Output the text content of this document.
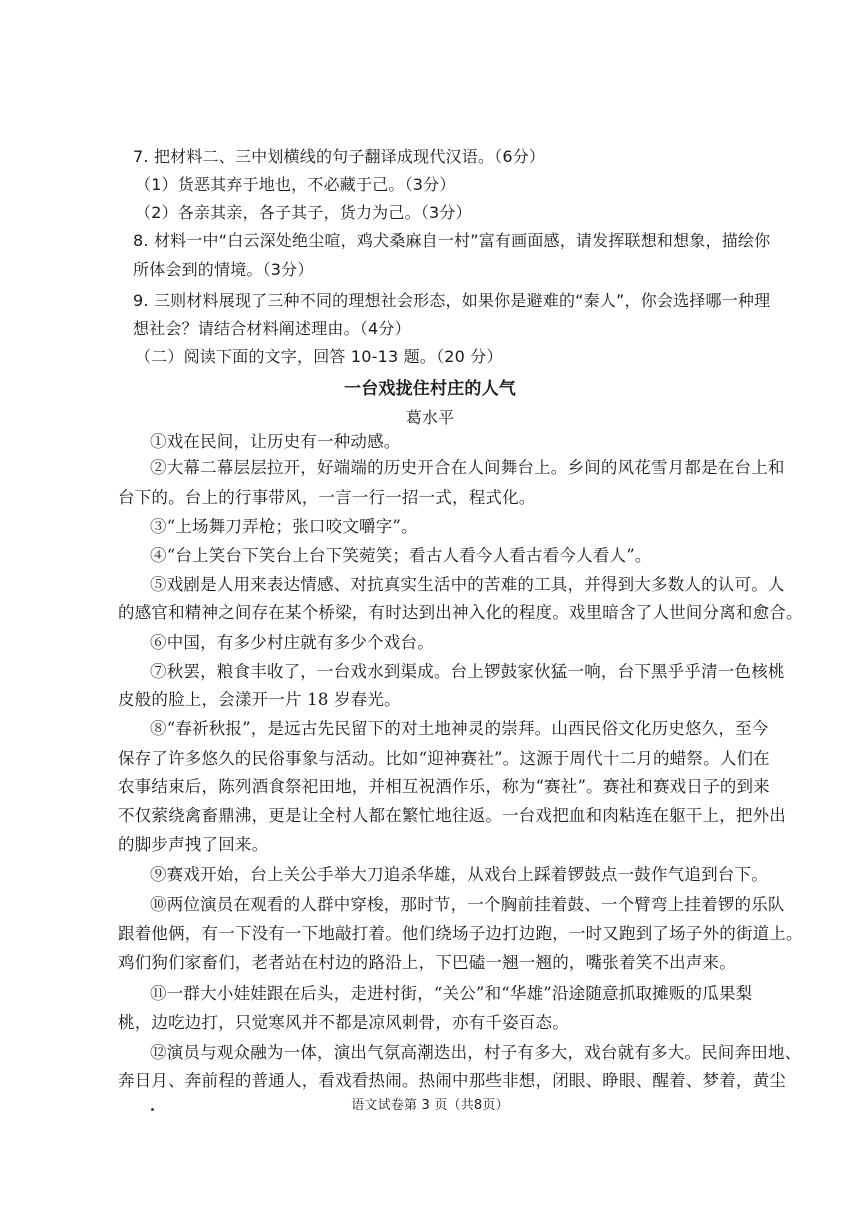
7. 把材料二、三中划横线的句子翻译成现代汉语。（6分）
（1）货恶其弃于地也，不必藏于己。（3分）
（2）各亲其亲，各子其子，货力为己。（3分）
8. 材料一中“白云深处绝尘喧，鸡犬桑麻自一村”富有画面感，请发挥联想和想象，描绘你
所体会到的情境。（3分）
9. 三则材料展现了三种不同的理想社会形态，如果你是避难的“秦人”，你会选择哪一种理
想社会？请结合材料阐述理由。（4分）
（二）阅读下面的文字，回答 10-13 题。（20 分）
一台戏拢住村庄的人气
葛水平
①戏在民间，让历史有一种动感。
②大幕二幕层层拉开，好端端的历史开合在人间舞台上。乡间的风花雪月都是在台上和
台下的。台上的行事带风，一言一行一招一式，程式化。
③“上场舞刀弄枪；张口咬文嚼字”。
④“台上笑台下笑台上台下笑菀笑；看古人看今人看古看今人看人”。
⑤戏剧是人用来表达情感、对抗真实生活中的苦难的工具，并得到大多数人的认可。人
的感官和精神之间存在某个桥梁，有时达到出神入化的程度。戏里暗含了人世间分离和愈合。
⑥中国，有多少村庄就有多少个戏台。
⑦秋罢，粮食丰收了，一台戏水到渠成。台上锣鼓家伙猛一响，台下黑乎乎清一色核桃
皮般的脸上，会漾开一片 18 岁春光。
⑧“春祈秋报”，是远古先民留下的对土地神灵的崇拜。山西民俗文化历史悠久，至今
保存了许多悠久的民俗事象与活动。比如“迎神赛社”。这源于周代十二月的蜡祭。人们在
农事结束后，陈列酒食祭祀田地，并相互祝酒作乐，称为“赛社”。赛社和赛戏日子的到来
不仅萦绕禽畜鼎沸，更是让全村人都在繁忙地往返。一台戏把血和肉粘连在躯干上，把外出
的脚步声拽了回来。
⑨赛戏开始，台上关公手举大刀追杀华雄，从戏台上踩着锣鼓点一鼓作气追到台下。
⑩两位演员在观看的人群中穿梭，那时节，一个胸前挂着鼓、一个臂弯上挂着锣的乐队
跟着他俩，有一下没有一下地敲打着。他们绕场子边打边跑，一时又跑到了场子外的街道上。
鸡们狗们家畜们，老者站在村边的路沿上，下巴磕一翘一翘的，嘴张着笑不出声来。
⑪一群大小娃娃跟在后头，走进村街，“关公”和“华雄”沿途随意抓取摊贩的瓜果梨
桃，边吃边打，只觉寒风并不都是凉风刺骨，亦有千姿百态。
⑫演员与观众融为一体，演出气氛高潮迭出，村子有多大，戏台就有多大。民间奔田地、
奔日月、奔前程的普通人，看戏看热闹。热闹中那些非想，闭眼、睁眼、醒着、梦着，黄尘
语文试卷第 3 页（共8页）
